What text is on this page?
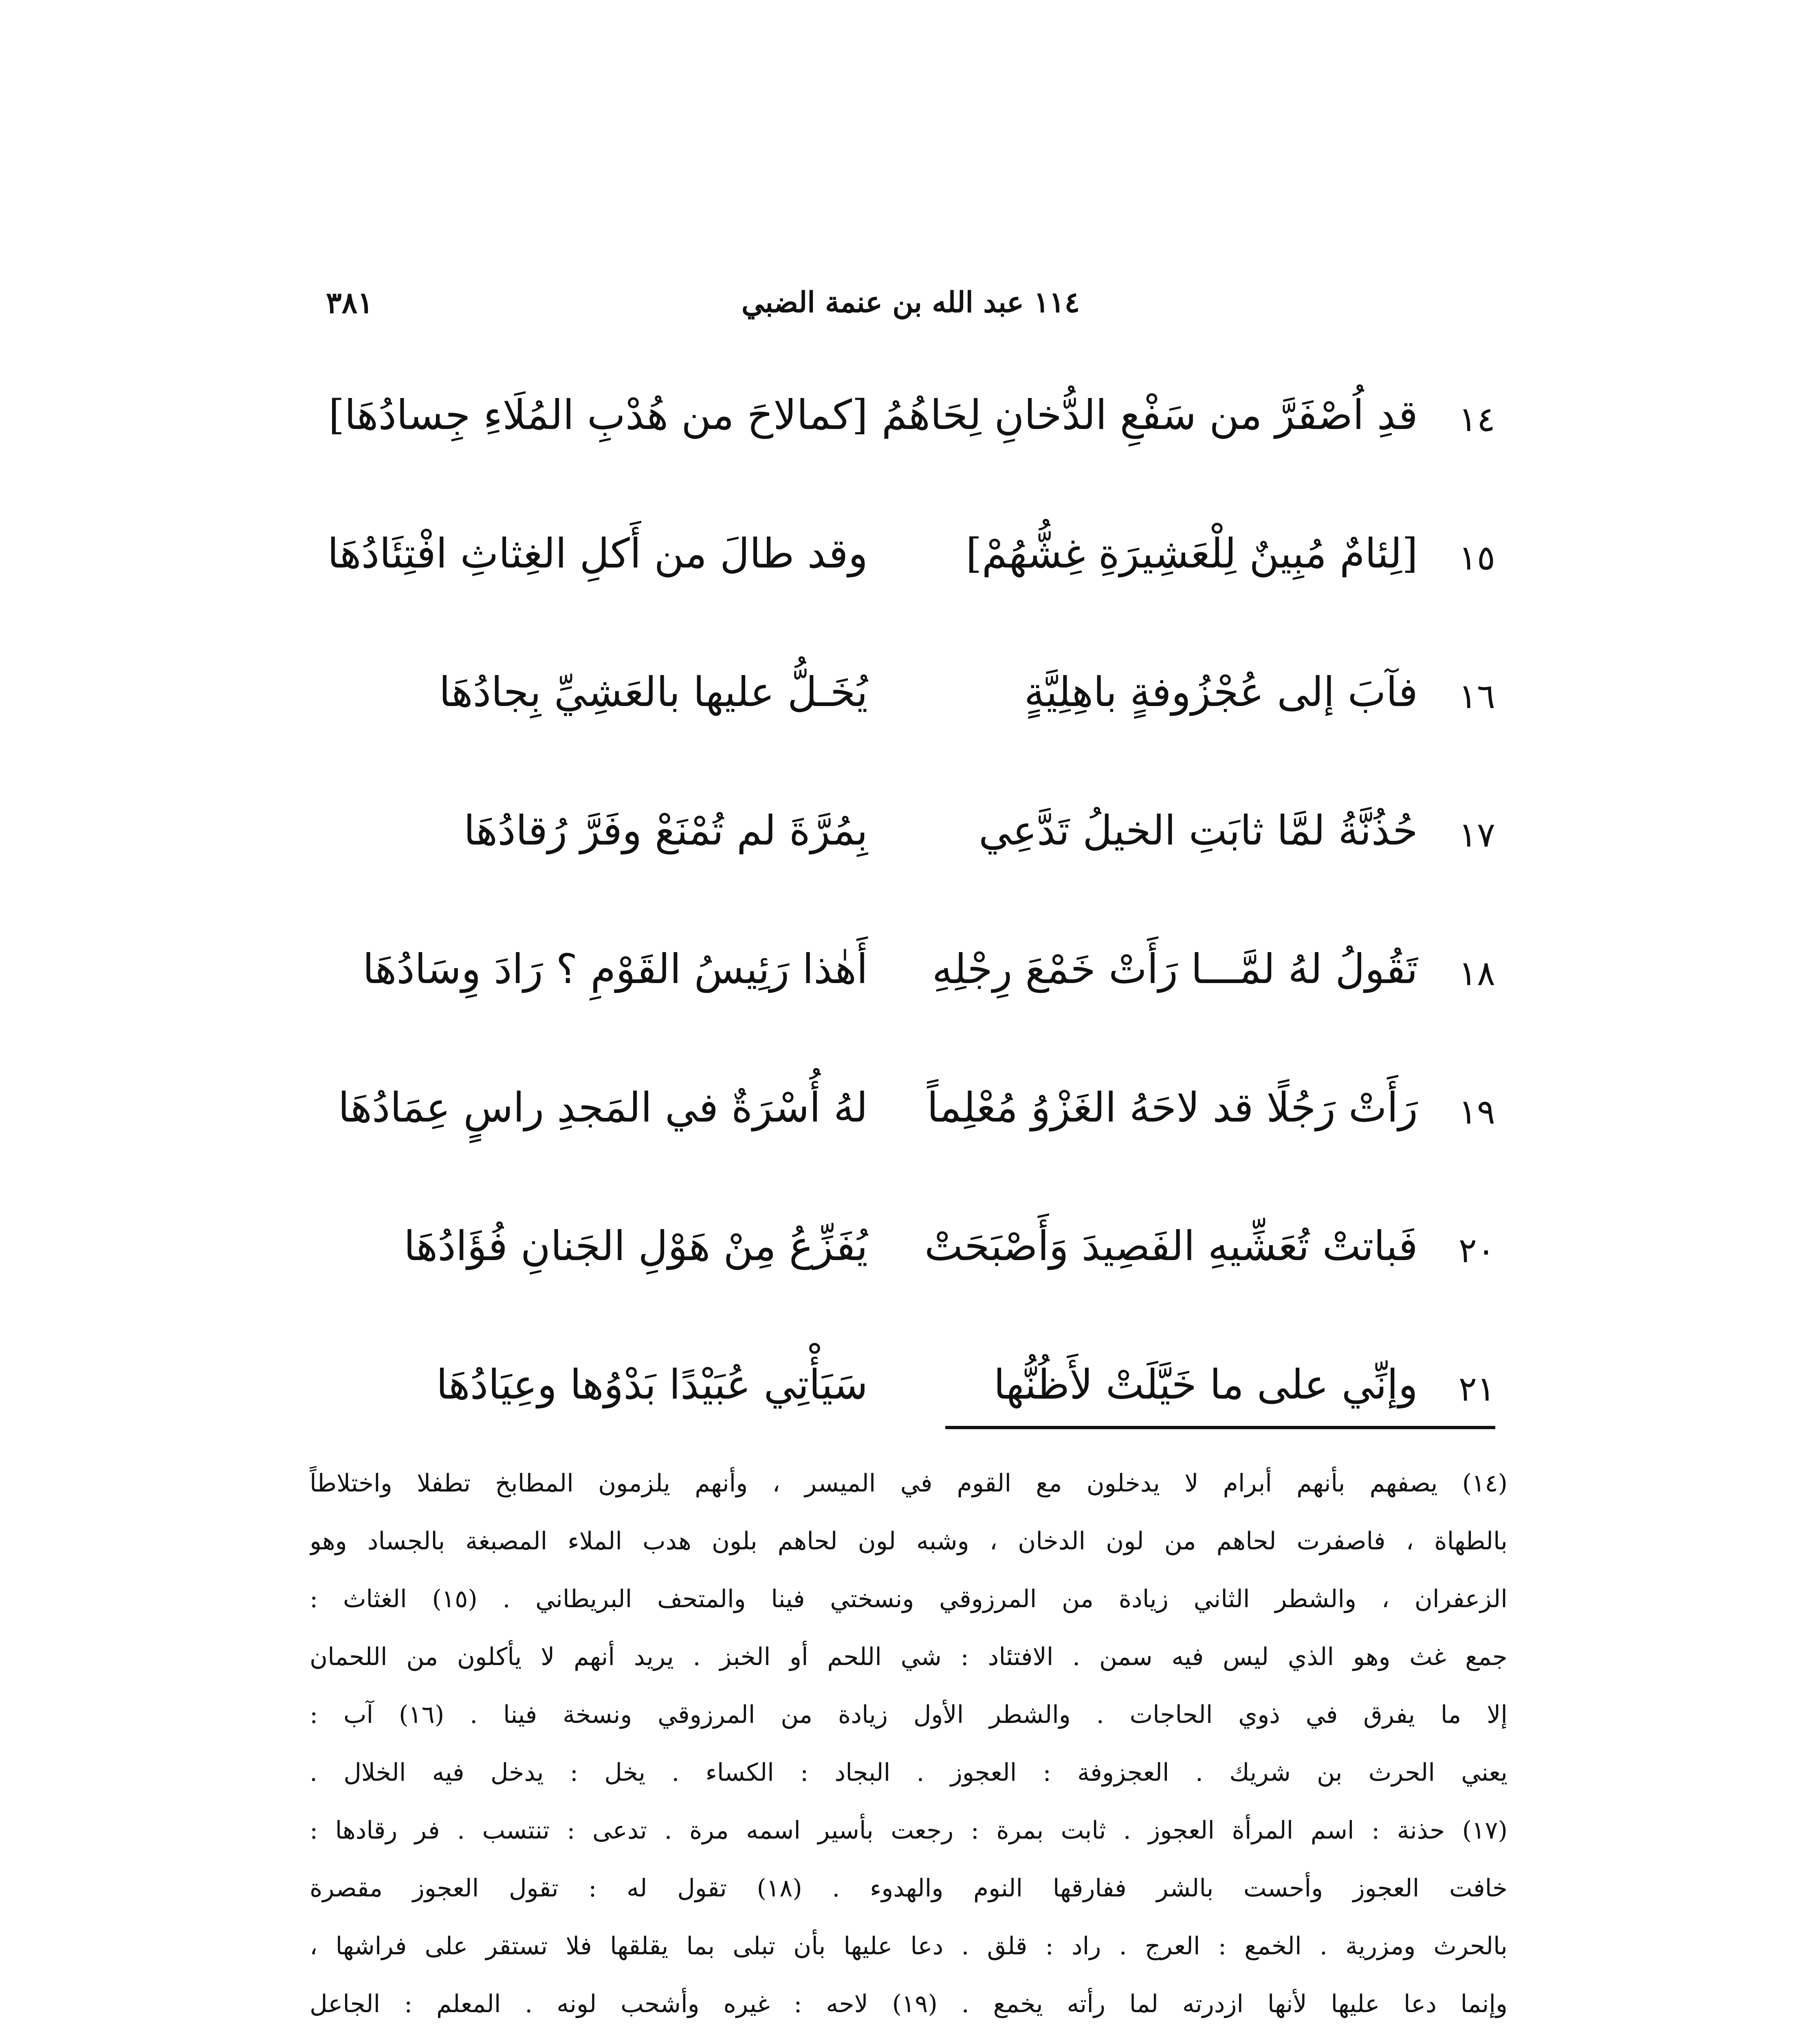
٣٨١	١١٤ عبد الله بن عنمة الضبي
١٤
قدِ اُصْفَرَّ من سَفْعِ الدُّخانِ لِحَاهُمُ
[كمالاحَ من هُدْبِ المُلَاءِ جِسادُهَا]
١٥
[لِئامٌ مُبِينٌ لِلْعَشِيرَةِ غِشُّهُمْ]
وقد طالَ من أَكلِ الغِثاثِ افْتِئَادُهَا
١٦
فآبَ إلى عُجْزُوفةٍ باهِلِيَّةٍ
يُخَـلُّ عليها بالعَشِيِّ بِجادُهَا
١٧
حُذُنَّةُ لمَّا ثابَتِ الخيلُ تَدَّعِي
بِمُرَّةَ لم تُمْنَعْ وفَرَّ رُقادُهَا
١٨
تَقُولُ لهُ لمَّـــا رَأَتْ خَمْعَ رِجْلِهِ
أَهٰذا رَئِيسُ القَوْمِ ؟ رَادَ وِسَادُهَا
١٩
رَأَتْ رَجُلًا قد لاحَهُ الغَزْوُ مُعْلِماً
لهُ أُسْرَةٌ في المَجدِ راسٍ عِمَادُهَا
٢٠
فَباتتْ تُعَشِّيهِ الفَصِيدَ وَأَصْبَحَتْ
يُفَزِّعُ مِنْ هَوْلِ الجَنانِ فُؤَادُهَا
٢١
وإنِّي على ما خَيَّلَتْ لأَظُنُّها
سَيَأْتِي عُبَيْدًا بَدْوُها وعِيَادُهَا
(١٤) يصفهم بأنهم أبرام لا يدخلون مع القوم في الميسر ، وأنهم يلزمون المطابخ تطفلا واختلاطاً
بالطهاة ، فاصفرت لحاهم من لون الدخان ، وشبه لون لحاهم بلون هدب الملاء المصبغة بالجساد وهو
الزعفران ، والشطر الثاني زيادة من المرزوقي ونسختي فينا والمتحف البريطاني . (١٥) الغثاث :
جمع غث وهو الذي ليس فيه سمن . الافتئاد : شي اللحم أو الخبز . يريد أنهم لا يأكلون من اللحمان
إلا ما يفرق في ذوي الحاجات . والشطر الأول زيادة من المرزوقي ونسخة فينا . (١٦) آب :
يعني الحرث بن شريك . العجزوفة : العجوز . البجاد : الكساء . يخل : يدخل فيه الخلال .
(١٧) حذنة : اسم المرأة العجوز . ثابت بمرة : رجعت بأسير اسمه مرة . تدعى : تنتسب . فر رقادها :
خافت العجوز وأحست بالشر ففارقها النوم والهدوء . (١٨) تقول له : تقول العجوز مقصرة
بالحرث ومزرية . الخمع : العرج . راد : قلق . دعا عليها بأن تبلى بما يقلقها فلا تستقر على فراشها ،
وإنما دعا عليها لأنها ازدرته لما رأته يخمع . (١٩) لاحه : غيره وأشحب لونه . المعلم : الجاعل
